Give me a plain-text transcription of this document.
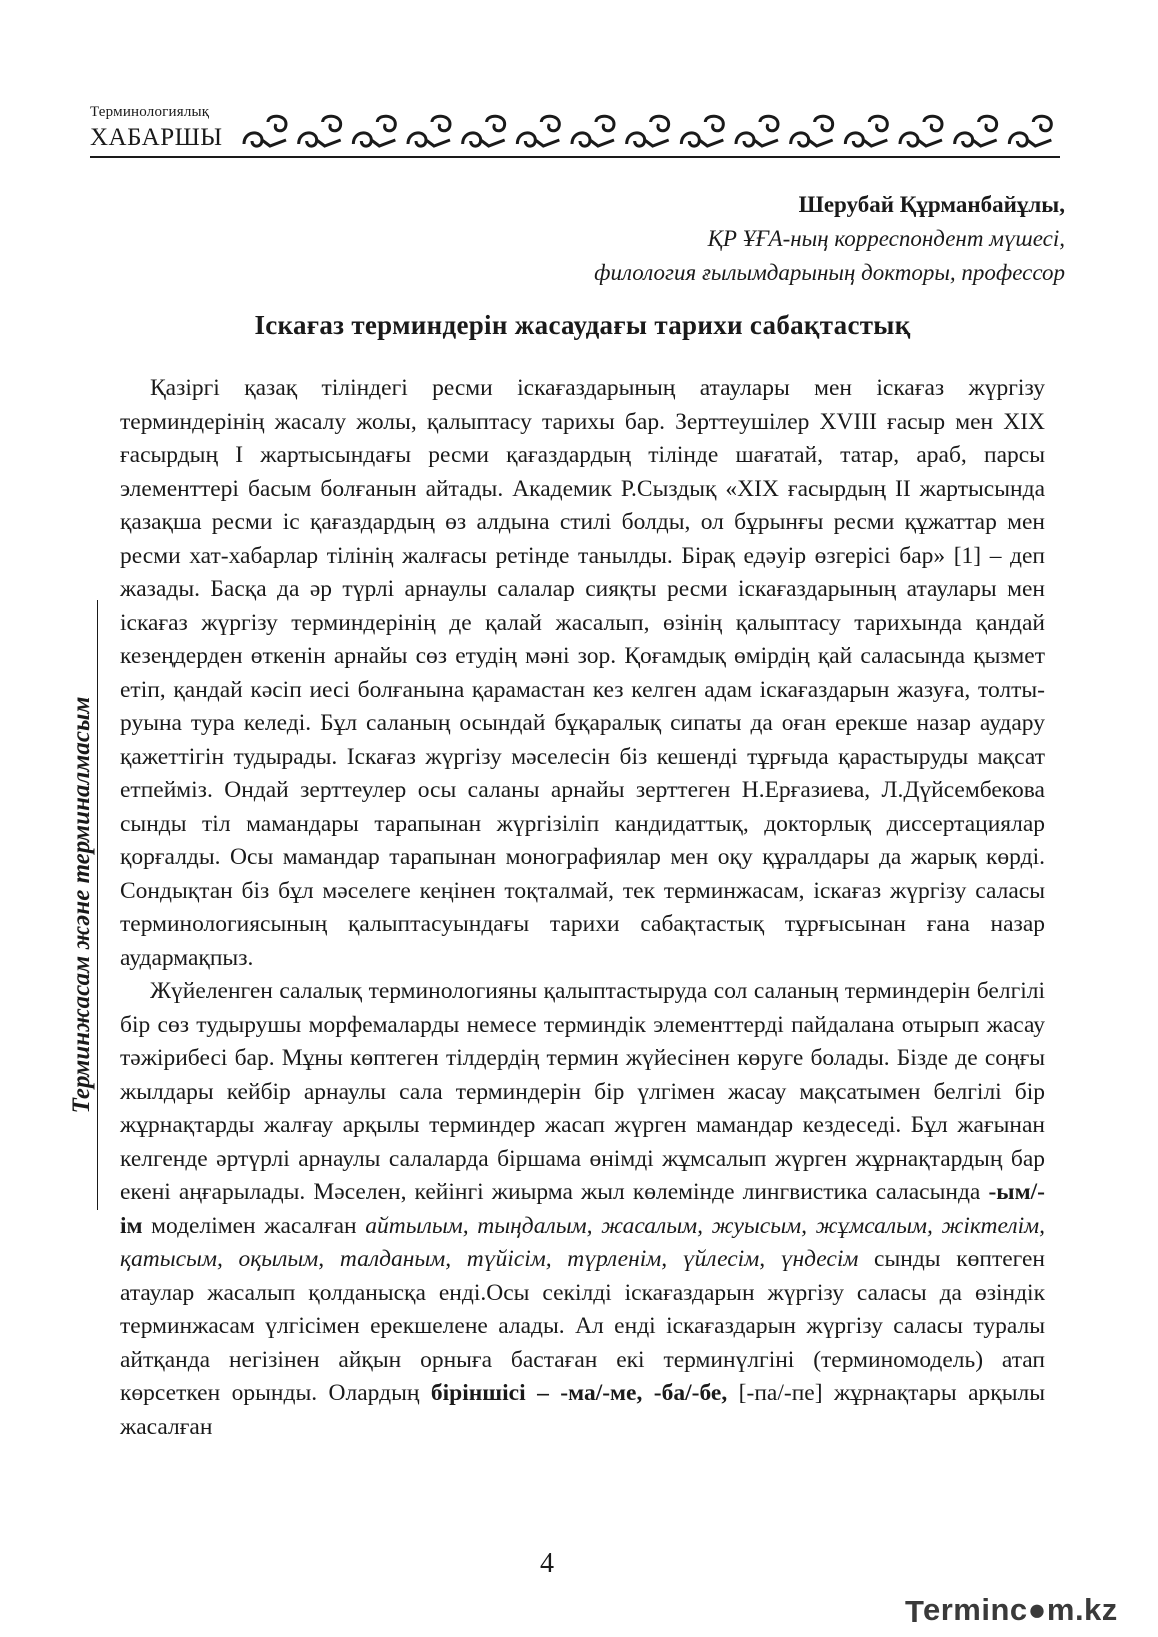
Терминологиялық
ХАБАРШЫ
Терминжасам және терминалмасым
Шерубай Құрманбайұлы,
ҚР ҰҒА-ның корреспондент мүшесі,
филология ғылымдарының докторы, профессор
Іскағаз терминдерін жасаудағы тарихи сабақтастық

Қазіргі қазақ тіліндегі ресми іскағаздарының атаулары мен іскағаз жүргізу терминдерінің жасалу жолы, қалыптасу тарихы бар. Зерттеушілер XVIII ғасыр мен XIX ғасырдың І жартысындағы ресми қағаздардың тілінде шағатай, татар, араб, парсы элементтері басым болғанын айтады. Академик Р.Сыздық «ХІХ ғасырдың ІІ жартысында қазақша ресми іс қағаздардың өз алдына стилі болды, ол бұрынғы ресми құжаттар мен ресми хат-хабарлар тілінің жалғасы ретінде танылды. Бірақ едәуір өзгерісі бар» [1] – деп жазады. Басқа да әр түрлі арнаулы салалар сияқты ресми іскағаздарының атаулары мен іскағаз жүргізу терминдерінің де қалай жасалып, өзінің қалыптасу тарихында қандай кезеңдерден өткенін арнайы сөз етудің мәні зор. Қоғамдық өмірдің қай саласында қызмет етіп, қандай кәсіп иесі болғанына қарамастан кез келген адам іскағаздарын жазуға, толтыруына тура келеді. Бұл саланың осындай бұқаралық сипаты да оған ерекше назар аудару қажеттігін тудырады. Іскағаз жүргізу мәселесін біз кешенді тұрғыда қарастыруды мақсат етпейміз. Ондай зерттеулер осы саланы арнайы зерттеген Н.Ерғазиева, Л.Дүйсембекова сынды тіл мамандары тарапынан жүргізіліп кандидаттық, докторлық диссертациялар қорғалды. Осы мамандар тарапынан монографиялар мен оқу құралдары да жарық көрді. Сондықтан біз бұл мәселеге кеңінен тоқталмай, тек терминжасам, іскағаз жүргізу саласы терминологиясының қалыптасуындағы тарихи сабақтастық тұрғысынан ғана назар аудармақпыз.

Жүйеленген салалық терминологияны қалыптастыруда сол саланың терминдерін белгілі бір сөз тудырушы морфемаларды немесе терминдік элементтерді пайдалана отырып жасау тәжірибесі бар. Мұны көптеген тілдердің термин жүйесінен көруге болады. Бізде де соңғы жылдары кейбір арнаулы сала терминдерін бір үлгімен жасау мақсатымен белгілі бір жұрнақтарды жалғау арқылы терминдер жасап жүрген мамандар кездеседі. Бұл жағынан келгенде әртүрлі арнаулы салаларда біршама өнімді жұмсалып жүрген жұрнақтардың бар екені аңғарылады. Мәселен, кейінгі жиырма жыл көлемінде лингвистика саласында -ым/-ім моделімен жасалған айтылым, тыңдалым, жасалым, жуысым, жұмсалым, жіктелім, қатысым, оқылым, талданым, түйісім, түрленім, үйлесім, үндесім сынды көптеген атаулар жасалып қолданысқа енді.Осы секілді іскағаздарын жүргізу саласы да өзіндік терминжасам үлгісімен ерекшелене алады. Ал енді іскағаздарын жүргізу саласы туралы айтқанда негізінен айқын орнығa бастаған екі терминүлгіні (терминомодель) атап көрсеткен орынды. Олардың біріншісі – -ма/-ме, -ба/-бе, [-па/-пе] жұрнақтары арқылы жасалған

4
T erminc●m.kz
